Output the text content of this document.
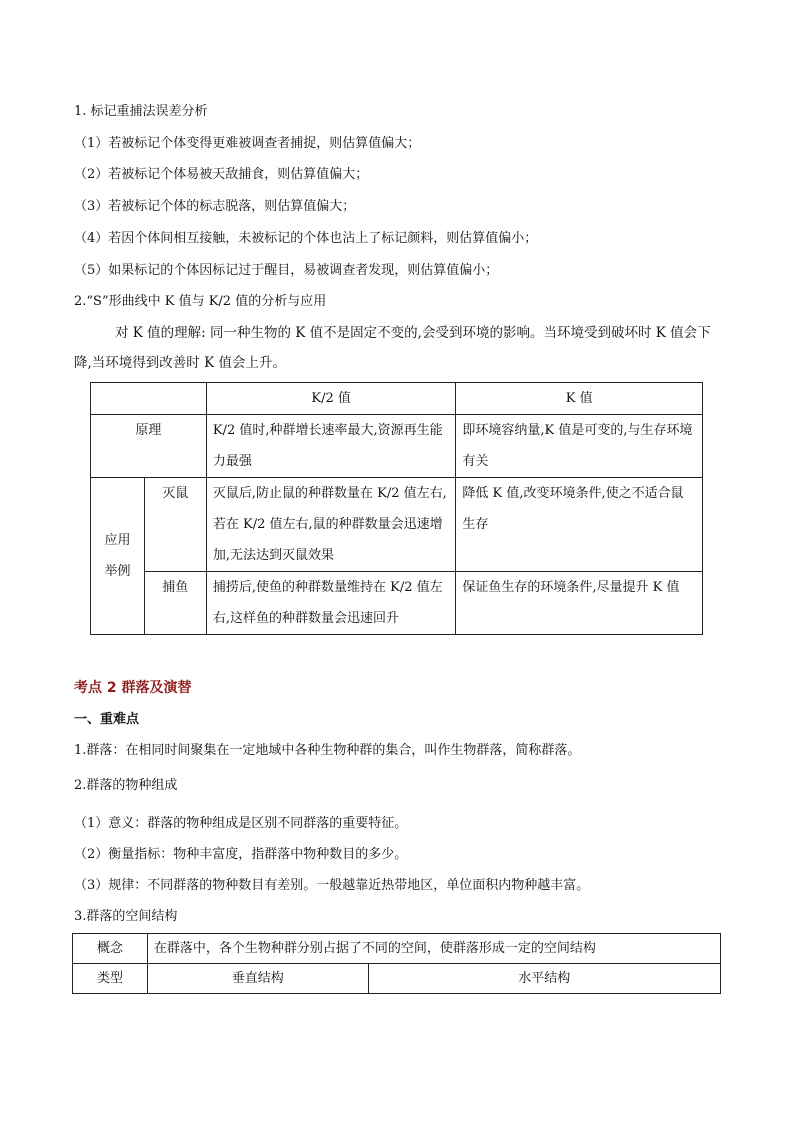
1. 标记重捕法误差分析
（1）若被标记个体变得更难被调查者捕捉，则估算值偏大；
（2）若被标记个体易被天敌捕食，则估算值偏大；
（3）若被标记个体的标志脱落，则估算值偏大；
（4）若因个体间相互接触，未被标记的个体也沾上了标记颜料，则估算值偏小；
（5）如果标记的个体因标记过于醒目，易被调查者发现，则估算值偏小；
2.“S”形曲线中 K 值与 K/2 值的分析与应用
对 K 值的理解: 同一种生物的 K 值不是固定不变的,会受到环境的影响。当环境受到破坏时 K 值会下降,当环境得到改善时 K 值会上升。
		K/2 值	K 值
原理		K/2 值时,种群增长速率最大,资源再生能力最强	即环境容纳量,K 值是可变的,与生存环境有关

应用
举例	灭鼠	灭鼠后,防止鼠的种群数量在 K/2 值左右,若在 K/2 值左右,鼠的种群数量会迅速增加,无法达到灭鼠效果	降低 K 值,改变环境条件,使之不适合鼠生存
	捕鱼	捕捞后,使鱼的种群数量维持在 K/2 值左右,这样鱼的种群数量会迅速回升	保证鱼生存的环境条件,尽量提升 K 值
考点 2 群落及演替
一、重难点
1.群落：在相同时间聚集在一定地域中各种生物种群的集合，叫作生物群落，简称群落。
2.群落的物种组成
（1）意义：群落的物种组成是区别不同群落的重要特征。
（2）衡量指标：物种丰富度，指群落中物种数目的多少。
（3）规律：不同群落的物种数目有差别。一般越靠近热带地区，单位面积内物种越丰富。
3.群落的空间结构
概念	在群落中，各个生物种群分别占据了不同的空间，使群落形成一定的空间结构	
类型	垂直结构	水平结构
